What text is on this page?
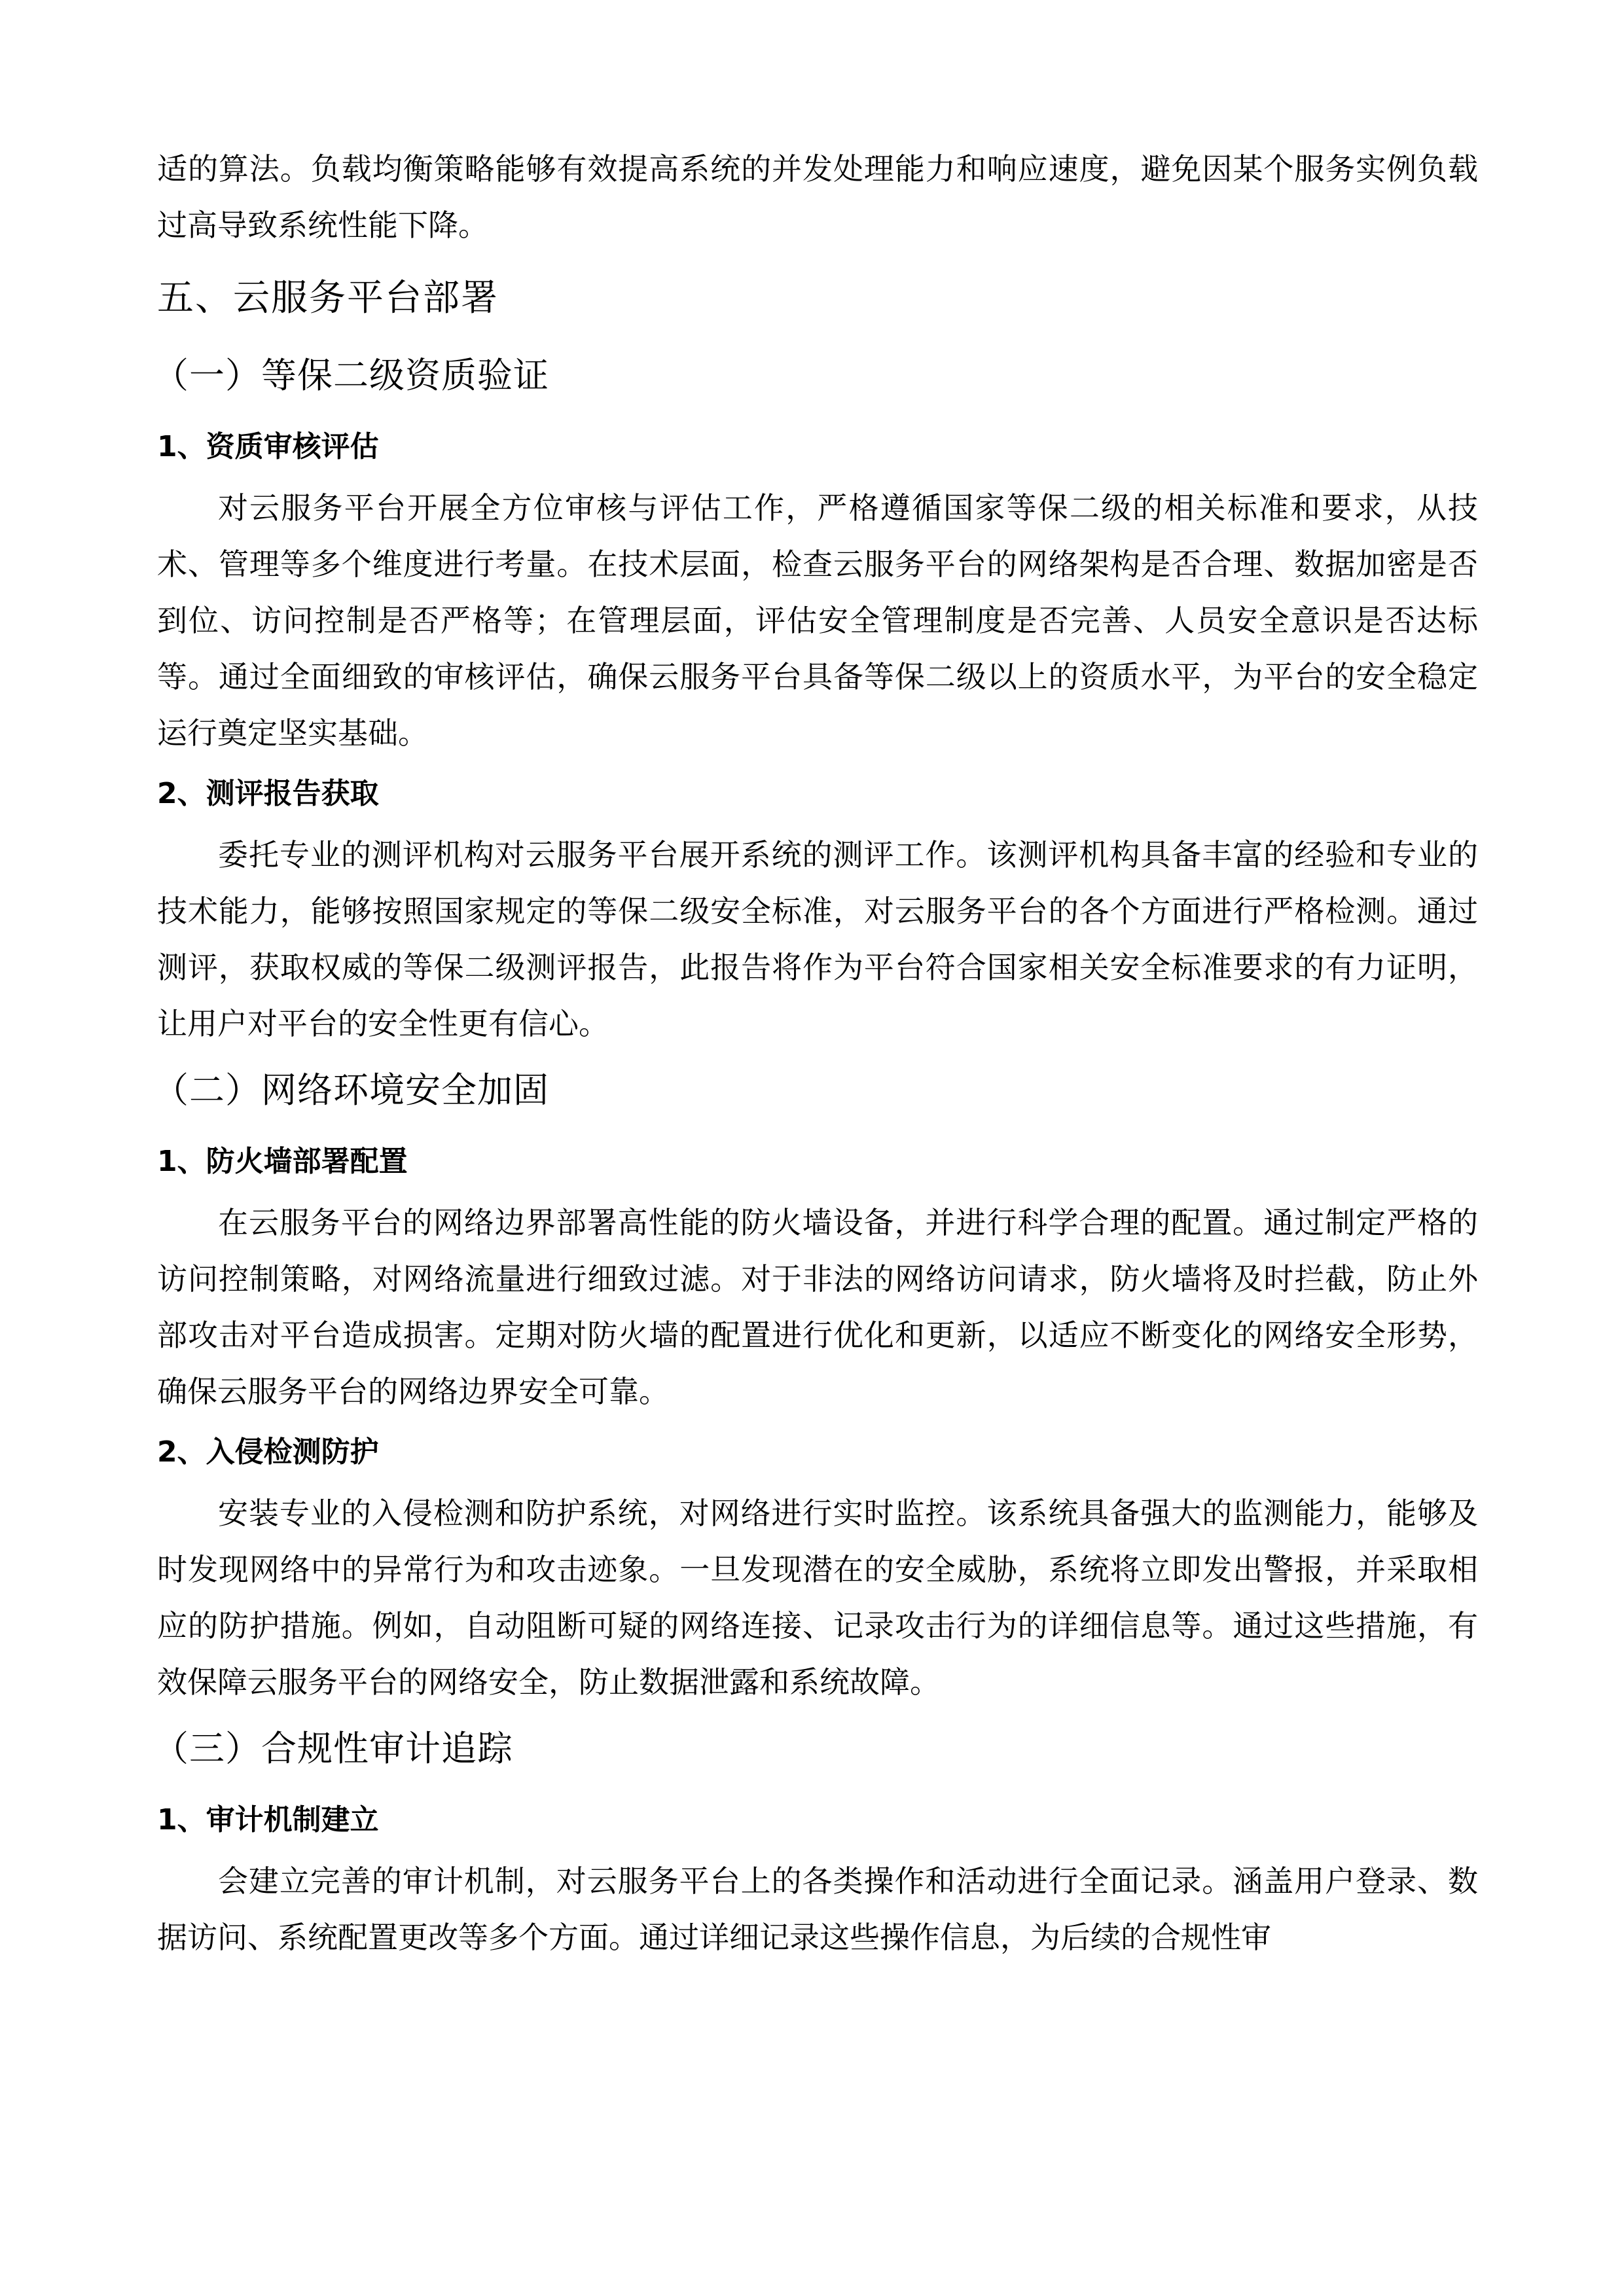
适的算法。负载均衡策略能够有效提高系统的并发处理能力和响应速度，避免因某个服务实例负载过高导致系统性能下降。

五、云服务平台部署
（一）等保二级资质验证
1、资质审核评估

对云服务平台开展全方位审核与评估工作，严格遵循国家等保二级的相关标准和要求，从技术、管理等多个维度进行考量。在技术层面，检查云服务平台的网络架构是否合理、数据加密是否到位、访问控制是否严格等；在管理层面，评估安全管理制度是否完善、人员安全意识是否达标等。通过全面细致的审核评估，确保云服务平台具备等保二级以上的资质水平，为平台的安全稳定运行奠定坚实基础。

2、测评报告获取

委托专业的测评机构对云服务平台展开系统的测评工作。该测评机构具备丰富的经验和专业的技术能力，能够按照国家规定的等保二级安全标准，对云服务平台的各个方面进行严格检测。通过测评，获取权威的等保二级测评报告，此报告将作为平台符合国家相关安全标准要求的有力证明，让用户对平台的安全性更有信心。

（二）网络环境安全加固
1、防火墙部署配置

在云服务平台的网络边界部署高性能的防火墙设备，并进行科学合理的配置。通过制定严格的访问控制策略，对网络流量进行细致过滤。对于非法的网络访问请求，防火墙将及时拦截，防止外部攻击对平台造成损害。定期对防火墙的配置进行优化和更新，以适应不断变化的网络安全形势，确保云服务平台的网络边界安全可靠。

2、入侵检测防护

安装专业的入侵检测和防护系统，对网络进行实时监控。该系统具备强大的监测能力，能够及时发现网络中的异常行为和攻击迹象。一旦发现潜在的安全威胁，系统将立即发出警报，并采取相应的防护措施。例如，自动阻断可疑的网络连接、记录攻击行为的详细信息等。通过这些措施，有效保障云服务平台的网络安全，防止数据泄露和系统故障。

（三）合规性审计追踪
1、审计机制建立

会建立完善的审计机制，对云服务平台上的各类操作和活动进行全面记录。涵盖用户登录、数据访问、系统配置更改等多个方面。通过详细记录这些操作信息，为后续的合规性审
